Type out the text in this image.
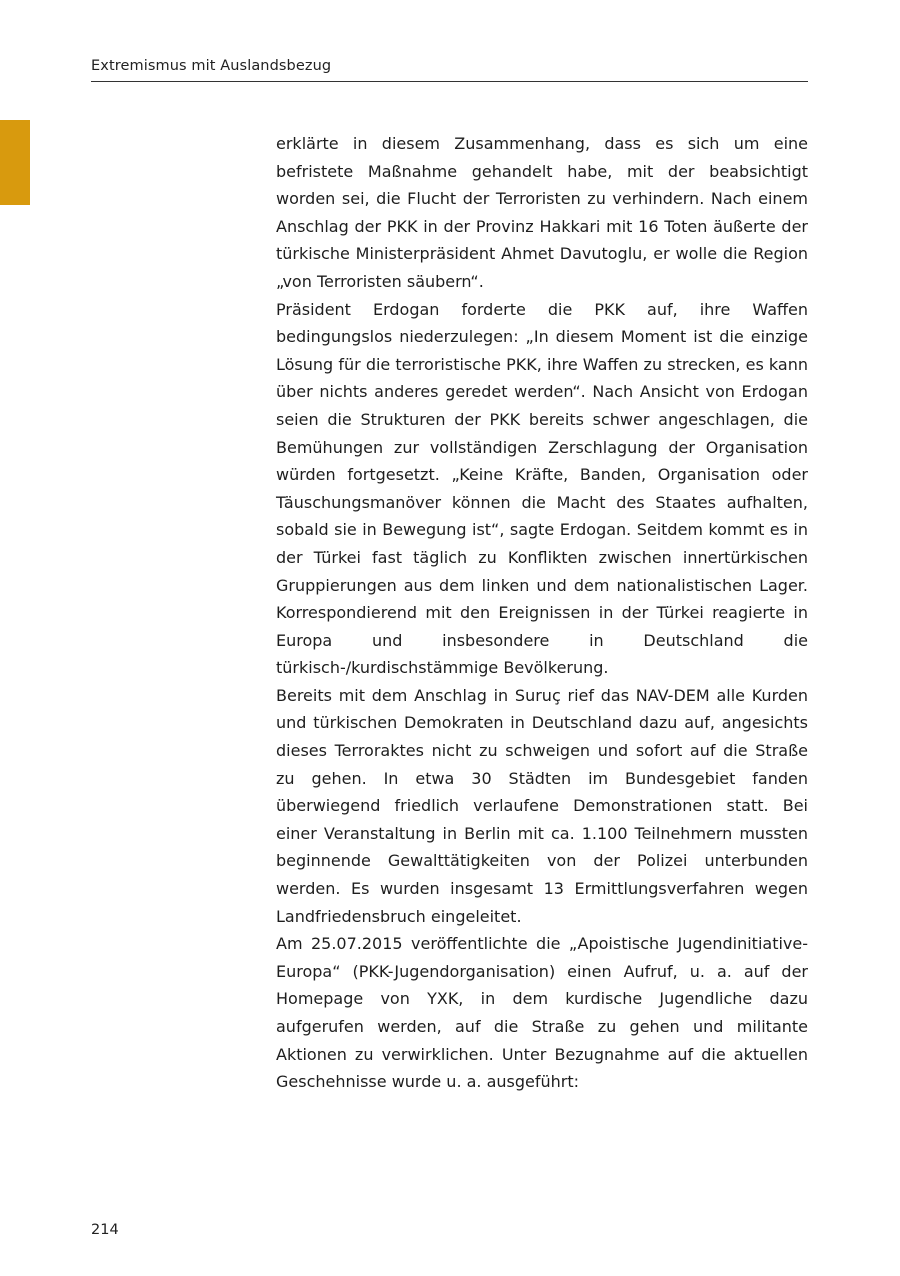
Extremismus mit Auslandsbezug

erklärte in diesem Zusammenhang, dass es sich um eine befristete Maßnahme gehandelt habe, mit der beabsichtigt worden sei, die Flucht der Terroristen zu verhindern. Nach einem Anschlag der PKK in der Provinz Hakkari mit 16 Toten äußerte der türkische Ministerpräsident Ahmet Davutoglu, er wolle die Region „von Terroristen säubern“.

Präsident Erdogan forderte die PKK auf, ihre Waffen bedingungslos niederzulegen: „In diesem Moment ist die einzige Lösung für die terroristische PKK, ihre Waffen zu strecken, es kann über nichts anderes geredet werden“. Nach Ansicht von Erdogan seien die Strukturen der PKK bereits schwer angeschlagen, die Bemühungen zur vollständigen Zerschlagung der Organisation würden fortgesetzt. „Keine Kräfte, Banden, Organisation oder Täuschungsmanöver können die Macht des Staates aufhalten, sobald sie in Bewegung ist“, sagte Erdogan. Seitdem kommt es in der Türkei fast täglich zu Konflikten zwischen innertürkischen Gruppierungen aus dem linken und dem nationalistischen Lager. Korrespondierend mit den Ereignissen in der Türkei reagierte in Europa und insbesondere in Deutschland die türkisch-/kurdischstämmige Bevölkerung.

Bereits mit dem Anschlag in Suruç rief das NAV-DEM alle Kurden und türkischen Demokraten in Deutschland dazu auf, angesichts dieses Terroraktes nicht zu schweigen und sofort auf die Straße zu gehen. In etwa 30 Städten im Bundesgebiet fanden überwiegend friedlich verlaufene Demonstrationen statt. Bei einer Veranstaltung in Berlin mit ca. 1.100 Teilnehmern mussten beginnende Gewalttätigkeiten von der Polizei unterbunden werden. Es wurden insgesamt 13 Ermittlungsverfahren wegen Landfriedensbruch eingeleitet.

Am 25.07.2015 veröffentlichte die „Apoistische Jugendinitiative-Europa“ (PKK-Jugendorganisation) einen Aufruf, u. a. auf der Homepage von YXK, in dem kurdische Jugendliche dazu aufgerufen werden, auf die Straße zu gehen und militante Aktionen zu verwirklichen. Unter Bezugnahme auf die aktuellen Geschehnisse wurde u. a. ausgeführt:

214
